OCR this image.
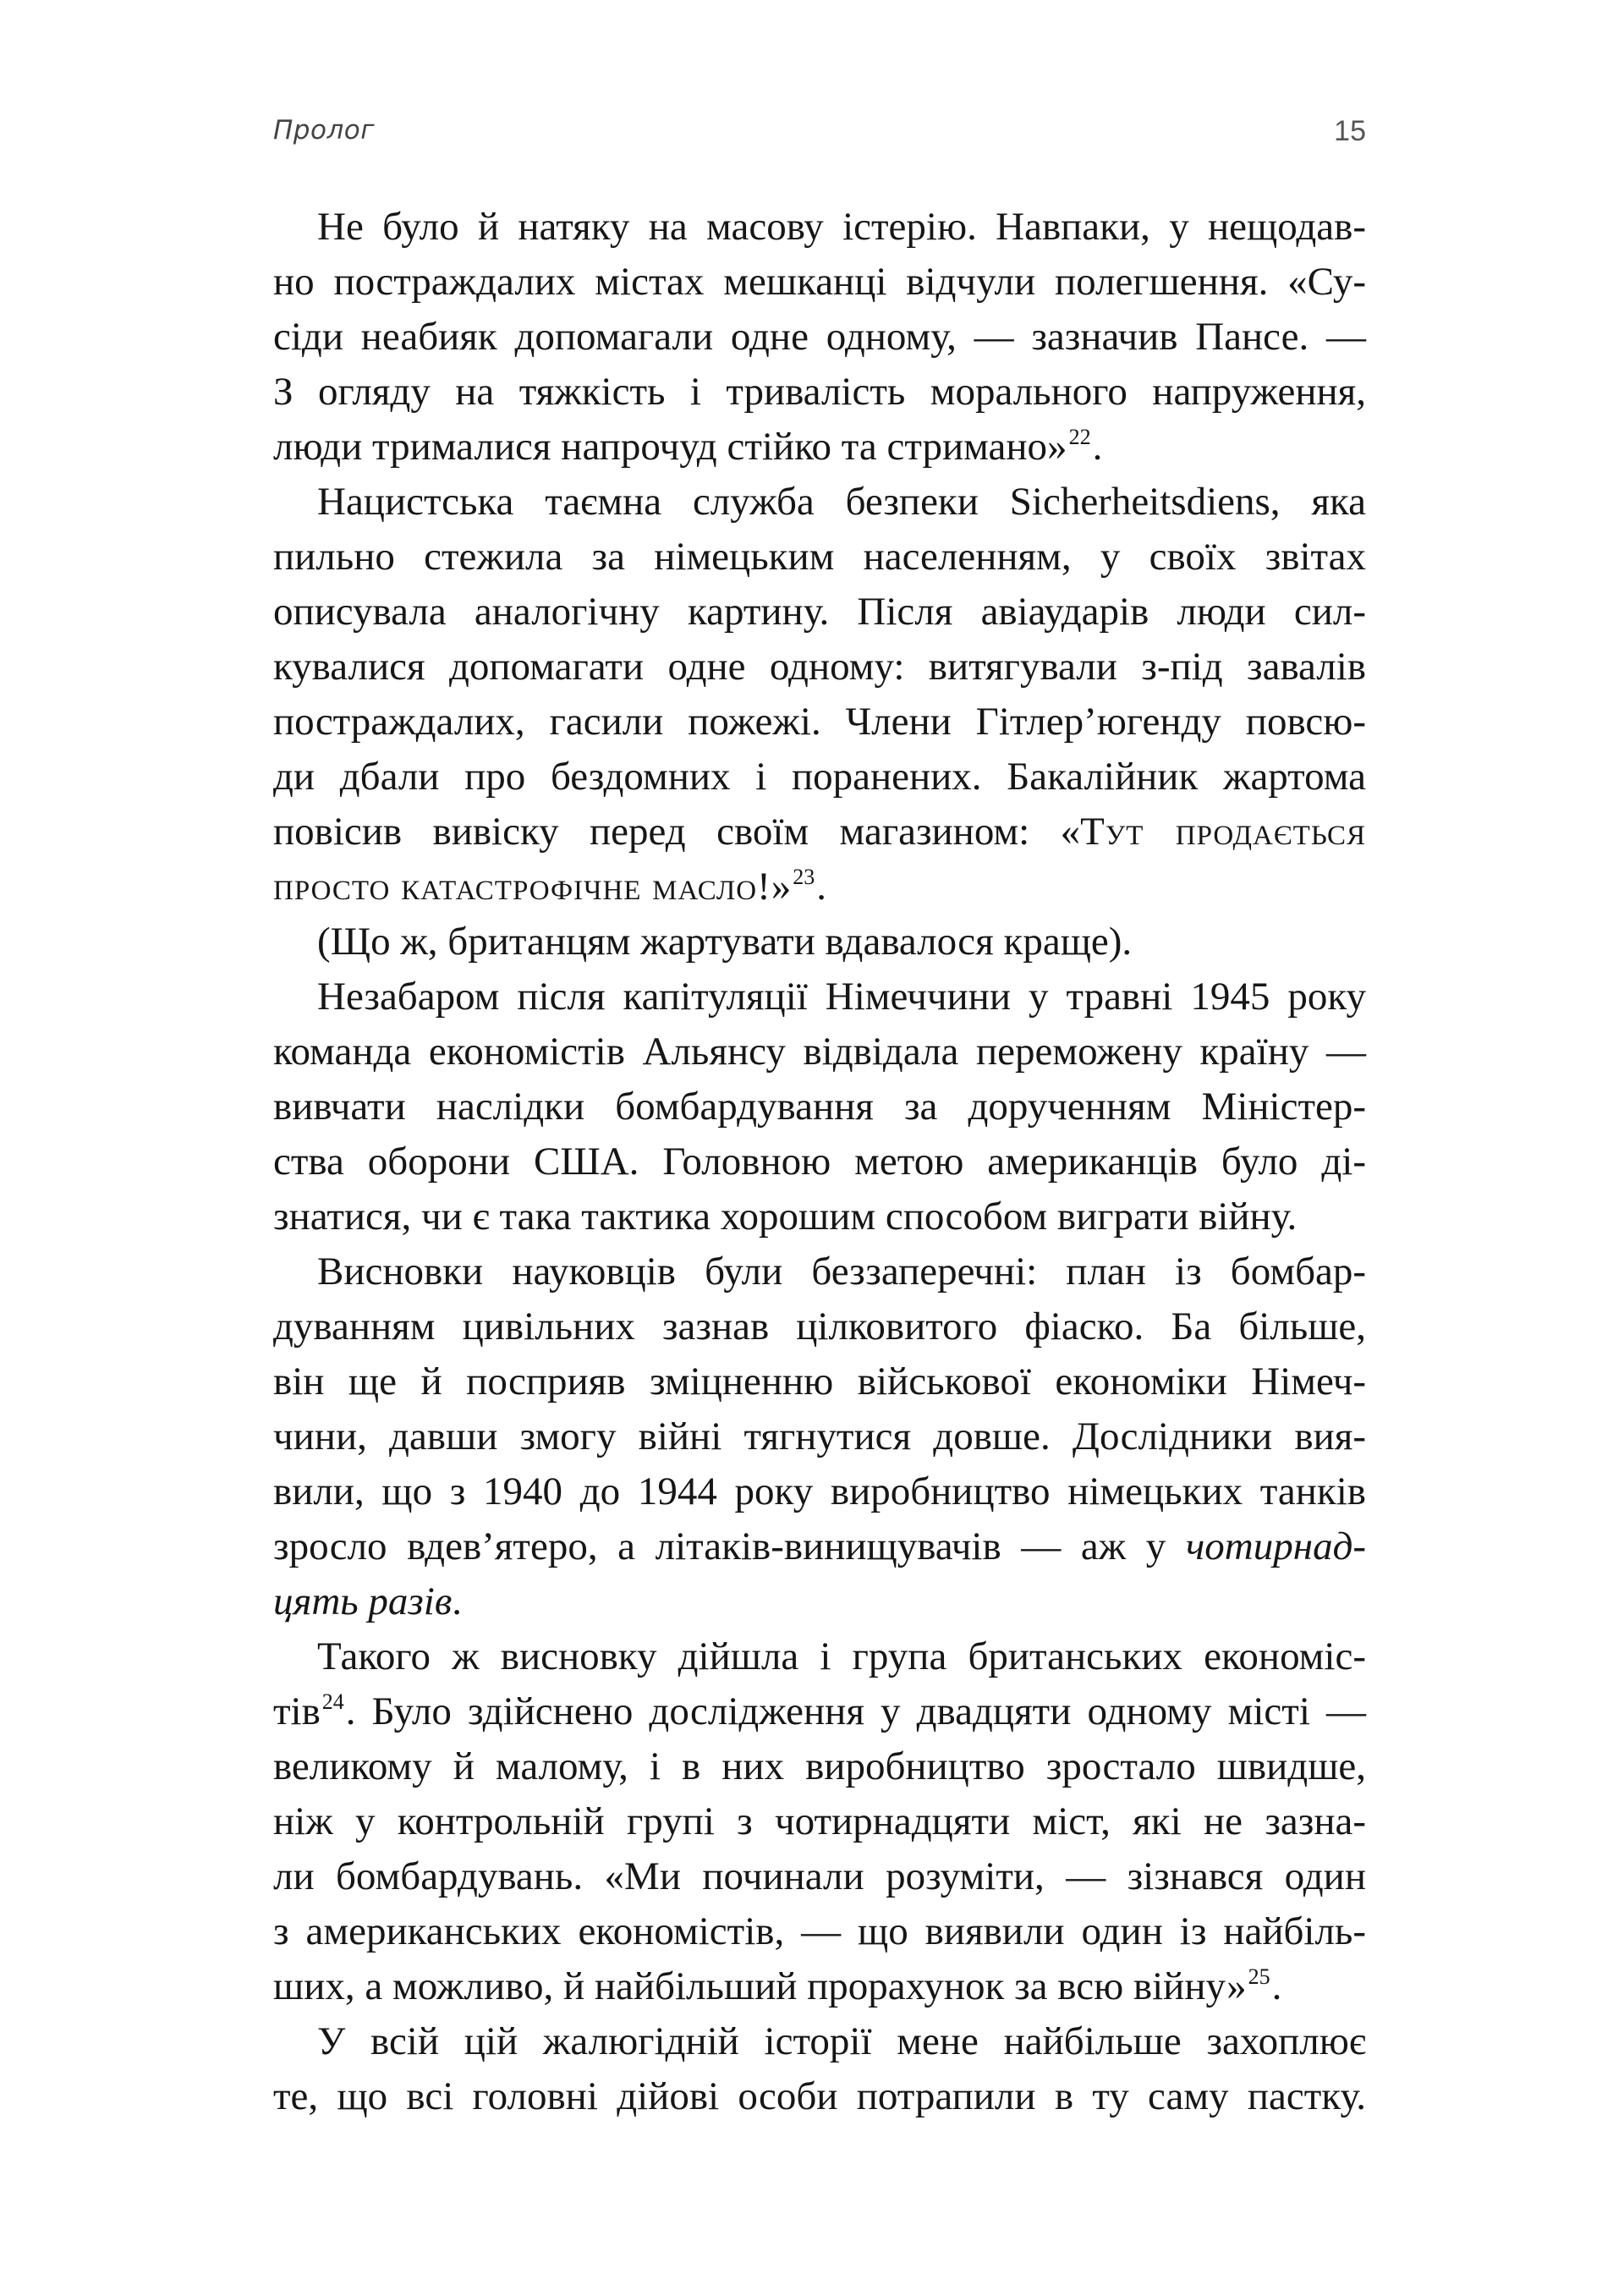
Пролог	15
Не було й натяку на масову істерію. Навпаки, у нещодав-
но постраждалих містах мешканці відчули полегшення. «Су-
сіди неабияк допомагали одне одному, — зазначив Пансе. —
З огляду на тяжкість і тривалість морального напруження,
люди трималися напрочуд стійко та стримано»$^{22}$.
Нацистська таємна служба безпеки Sicherheitsdiens, яка
пильно стежила за німецьким населенням, у своїх звітах
описувала аналогічну картину. Після авіаударів люди сил-
кувалися допомагати одне одному: витягували з-під завалів
постраждалих, гасили пожежі. Члени Гітлер’югенду повсю-
ди дбали про бездомних і поранених. Бакалійник жартома
повісив вивіску перед своїм магазином: «Тут продається
просто катастрофічне масло!»$^{23}$.
(Що ж, британцям жартувати вдавалося краще).
Незабаром після капітуляції Німеччини у травні 1945 року
команда економістів Альянсу відвідала переможену країну —
вивчати наслідки бомбардування за дорученням Міністер-
ства оборони США. Головною метою американців було ді-
знатися, чи є така тактика хорошим способом виграти війну.
Висновки науковців були беззаперечні: план із бомбар-
дуванням цивільних зазнав цілковитого фіаско. Ба більше,
він ще й посприяв зміцненню військової економіки Німеч-
чини, давши змогу війні тягнутися довше. Дослідники вия-
вили, що з 1940 до 1944 року виробництво німецьких танків
зросло вдев’ятеро, а літаків-винищувачів — аж у чотирнад-
цять разів.
Такого ж висновку дійшла і група британських економіс-
тів$^{24}$. Було здійснено дослідження у двадцяти одному місті —
великому й малому, і в них виробництво зростало швидше,
ніж у контрольній групі з чотирнадцяти міст, які не зазна-
ли бомбардувань. «Ми починали розуміти, — зізнався один
з американських економістів, — що виявили один із найбіль-
ших, а можливо, й найбільший прорахунок за всю війну»$^{25}$.
У всій цій жалюгідній історії мене найбільше захоплює
те, що всі головні дійові особи потрапили в ту саму пастку.
